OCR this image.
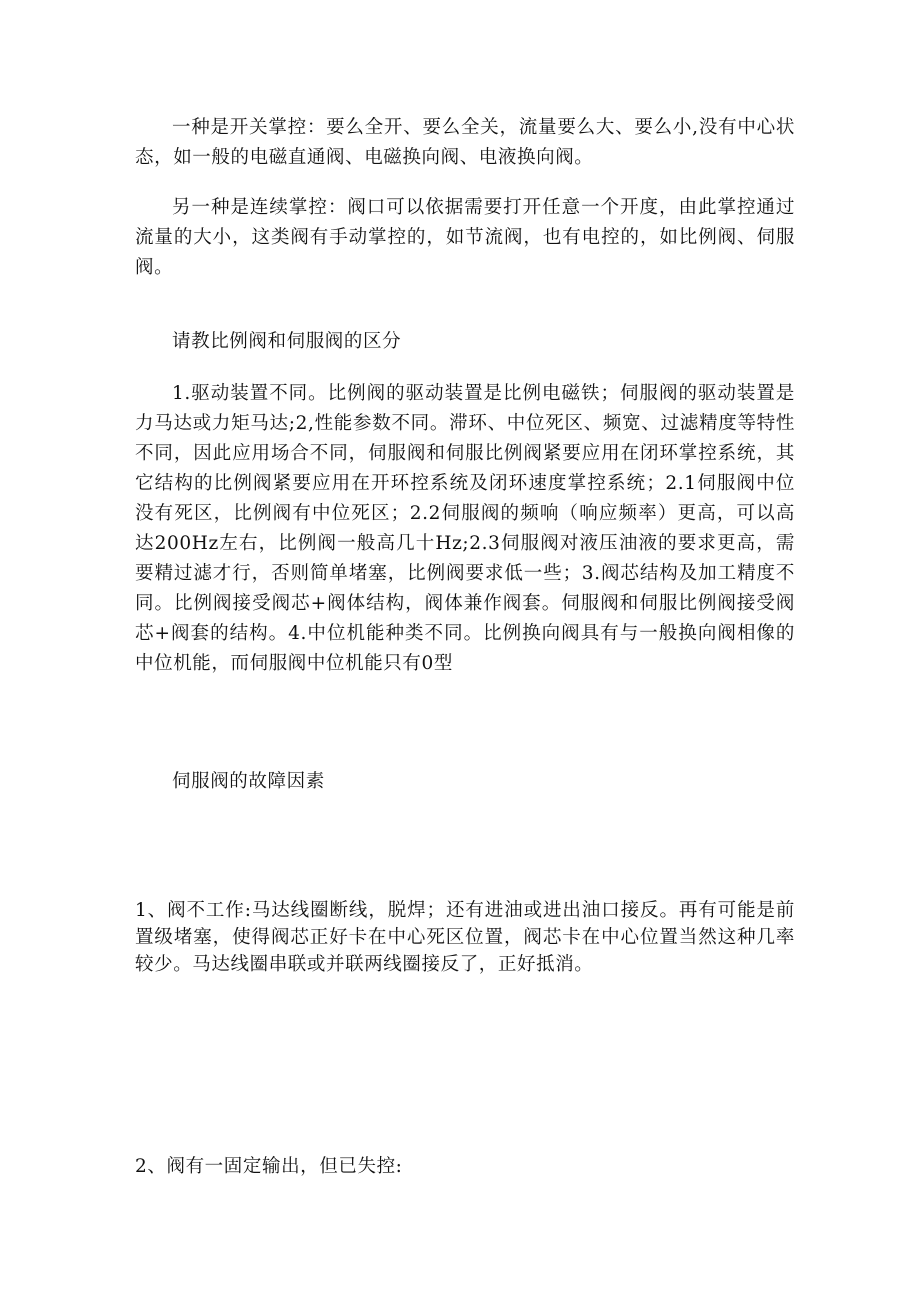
一种是开关掌控：要么全开、要么全关，流量要么大、要么小,没有中心状态，如一般的电磁直通阀、电磁换向阀、电液换向阀。

另一种是连续掌控：阀口可以依据需要打开任意一个开度，由此掌控通过流量的大小，这类阀有手动掌控的，如节流阀，也有电控的，如比例阀、伺服阀。

请教比例阀和伺服阀的区分

1.驱动装置不同。比例阀的驱动装置是比例电磁铁；伺服阀的驱动装置是力马达或力矩马达;2,性能参数不同。滞环、中位死区、频宽、过滤精度等特性不同，因此应用场合不同，伺服阀和伺服比例阀紧要应用在闭环掌控系统，其它结构的比例阀紧要应用在开环控系统及闭环速度掌控系统；2.1伺服阀中位没有死区，比例阀有中位死区；2.2伺服阀的频响（响应频率）更高，可以高达200Hz左右，比例阀一般高几十Hz;2.3伺服阀对液压油液的要求更高，需要精过滤才行，否则简单堵塞，比例阀要求低一些；3.阀芯结构及加工精度不同。比例阀接受阀芯+阀体结构，阀体兼作阀套。伺服阀和伺服比例阀接受阀芯+阀套的结构。4.中位机能种类不同。比例换向阀具有与一般换向阀相像的中位机能，而伺服阀中位机能只有0型

伺服阀的故障因素

1、阀不工作:马达线圈断线，脱焊；还有进油或进出油口接反。再有可能是前置级堵塞，使得阀芯正好卡在中心死区位置，阀芯卡在中心位置当然这种几率较少。马达线圈串联或并联两线圈接反了，正好抵消。

2、阀有一固定输出，但已失控:
